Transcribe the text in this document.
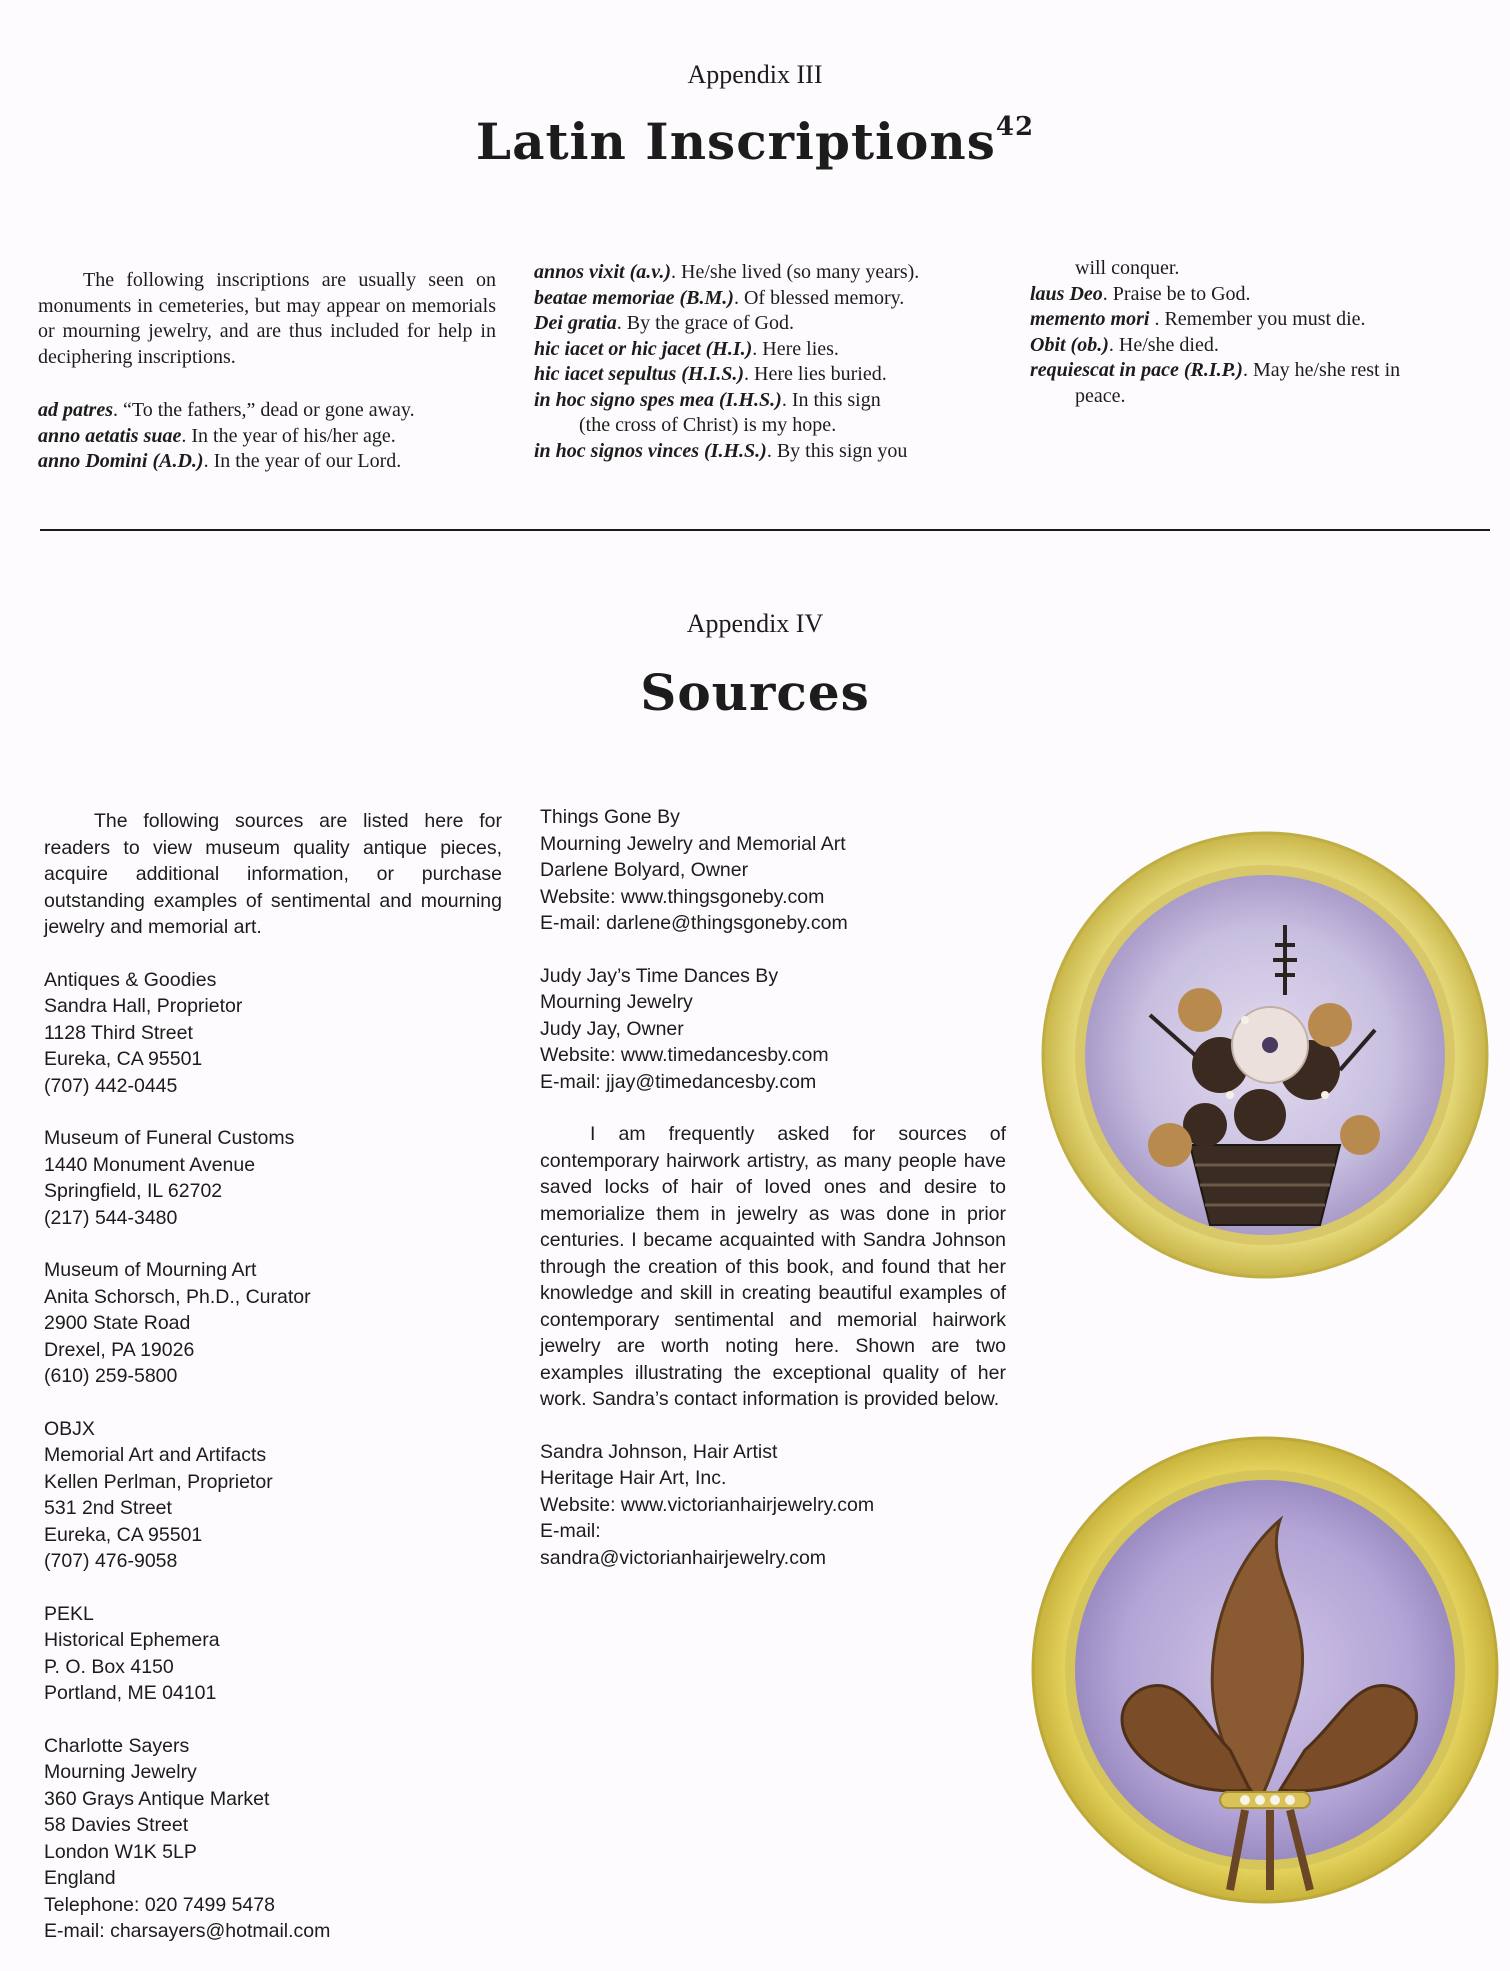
Appendix III
Latin Inscriptions$^{42}$

The following inscriptions are usually seen on monuments in cemeteries, but may appear on memorials or mourning jewelry, and are thus included for help in deciphering inscriptions.

ad patres. “To the fathers,” dead or gone away.

anno aetatis suae. In the year of his/her age.

anno Domini (A.D.). In the year of our Lord.

annos vixit (a.v.). He/she lived (so many years).

beatae memoriae (B.M.). Of blessed memory.

Dei gratia. By the grace of God.

hic iacet or hic jacet (H.I.). Here lies.

hic iacet sepultus (H.I.S.). Here lies buried.

in hoc signo spes mea (I.H.S.). In this sign

(the cross of Christ) is my hope.

in hoc signos vinces (I.H.S.). By this sign you

will conquer.

laus Deo. Praise be to God.

memento mori . Remember you must die.

Obit (ob.). He/she died.

requiescat in pace (R.I.P.). May he/she rest in

peace.

Appendix IV
Sources
The following sources are listed here for readers to view museum quality antique pieces, acquire additional information, or purchase outstanding examples of sentimental and mourning jewelry and memorial art.
Antiques & Goodies
Sandra Hall, Proprietor
1128 Third Street
Eureka, CA 95501
(707) 442-0445
Museum of Funeral Customs
1440 Monument Avenue
Springfield, IL 62702
(217) 544-3480
Museum of Mourning Art
Anita Schorsch, Ph.D., Curator
2900 State Road
Drexel, PA 19026
(610) 259-5800
OBJX
Memorial Art and Artifacts
Kellen Perlman, Proprietor
531 2nd Street
Eureka, CA 95501
(707) 476-9058
PEKL
Historical Ephemera
P. O. Box 4150
Portland, ME 04101
Charlotte Sayers
Mourning Jewelry
360 Grays Antique Market
58 Davies Street
London W1K 5LP
England
Telephone: 020 7499 5478
E-mail: charsayers@hotmail.com
Things Gone By
Mourning Jewelry and Memorial Art
Darlene Bolyard, Owner
Website: www.thingsgoneby.com
E-mail: darlene@thingsgoneby.com
Judy Jay’s Time Dances By
Mourning Jewelry
Judy Jay, Owner
Website: www.timedancesby.com
E-mail: jjay@timedancesby.com
I am frequently asked for sources of contemporary hairwork artistry, as many people have saved locks of hair of loved ones and desire to memorialize them in jewelry as was done in prior centuries. I became acquainted with Sandra Johnson through the creation of this book, and found that her knowledge and skill in creating beautiful examples of contemporary sentimental and memorial hairwork jewelry are worth noting here. Shown are two examples illustrating the exceptional quality of her work. Sandra’s contact information is provided below.
Sandra Johnson, Hair Artist
Heritage Hair Art, Inc.
Website: www.victorianhairjewelry.com
E-mail:
sandra@victorianhairjewelry.com
